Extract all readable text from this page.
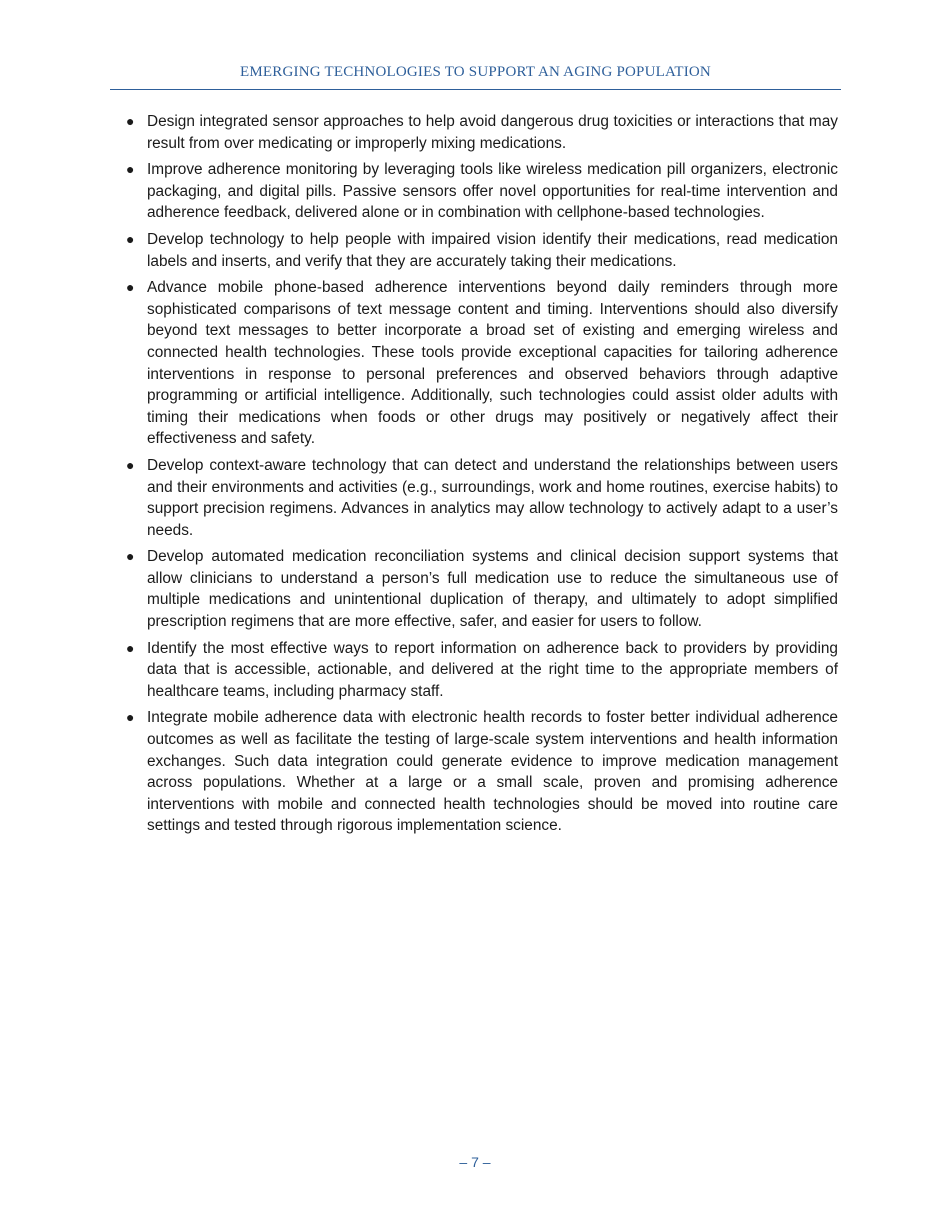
EMERGING TECHNOLOGIES TO SUPPORT AN AGING POPULATION
● Design integrated sensor approaches to help avoid dangerous drug toxicities or interactions that may result from over medicating or improperly mixing medications.
● Improve adherence monitoring by leveraging tools like wireless medication pill organizers, electronic packaging, and digital pills. Passive sensors offer novel opportunities for real-time intervention and adherence feedback, delivered alone or in combination with cellphone-based technologies.
● Develop technology to help people with impaired vision identify their medications, read medication labels and inserts, and verify that they are accurately taking their medications.
● Advance mobile phone-based adherence interventions beyond daily reminders through more sophisticated comparisons of text message content and timing. Interventions should also diversify beyond text messages to better incorporate a broad set of existing and emerging wireless and connected health technologies. These tools provide exceptional capacities for tailoring adherence interventions in response to personal preferences and observed behaviors through adaptive programming or artificial intelligence. Additionally, such technologies could assist older adults with timing their medications when foods or other drugs may positively or negatively affect their effectiveness and safety.
● Develop context-aware technology that can detect and understand the relationships between users and their environments and activities (e.g., surroundings, work and home routines, exercise habits) to support precision regimens. Advances in analytics may allow technology to actively adapt to a user’s needs.
● Develop automated medication reconciliation systems and clinical decision support systems that allow clinicians to understand a person’s full medication use to reduce the simultaneous use of multiple medications and unintentional duplication of therapy, and ultimately to adopt simplified prescription regimens that are more effective, safer, and easier for users to follow.
● Identify the most effective ways to report information on adherence back to providers by providing data that is accessible, actionable, and delivered at the right time to the appropriate members of healthcare teams, including pharmacy staff.
● Integrate mobile adherence data with electronic health records to foster better individual adherence outcomes as well as facilitate the testing of large-scale system interventions and health information exchanges. Such data integration could generate evidence to improve medication management across populations. Whether at a large or a small scale, proven and promising adherence interventions with mobile and connected health technologies should be moved into routine care settings and tested through rigorous implementation science.
– 7 –
